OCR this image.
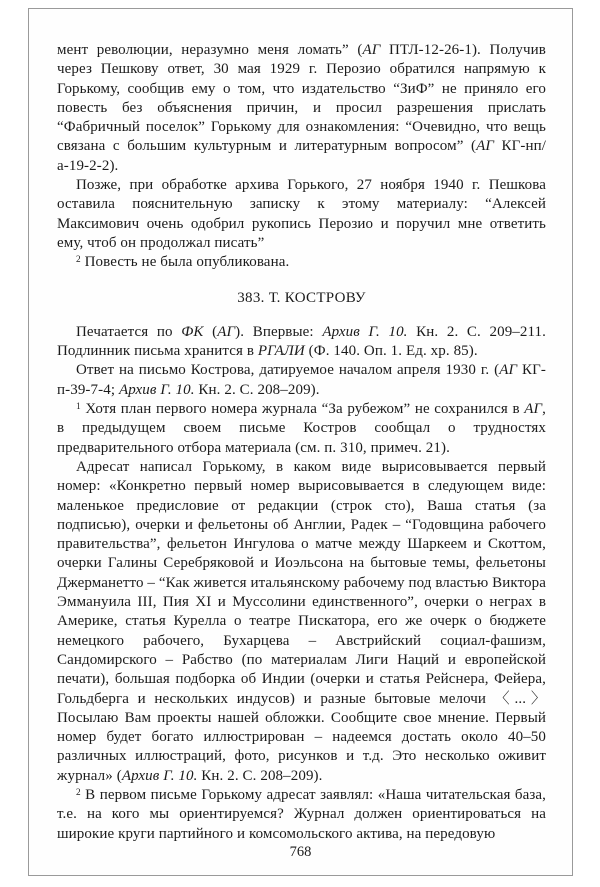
мент революции, неразумно меня ломать” (АГ ПТЛ-12-26-1). Получив через Пешкову ответ, 30 мая 1929 г. Перозио обратился напрямую к Горькому, сообщив ему о том, что издательство “ЗиФ” не приняло его повесть без объяснения причин, и просил разрешения прислать “Фабричный поселок” Горькому для ознакомления: “Очевидно, что вещь связана с большим культурным и литературным вопросом” (АГ КГ-нп/а-19-2-2).

Позже, при обработке архива Горького, 27 ноября 1940 г. Пешкова оставила пояснительную записку к этому материалу: “Алексей Максимович очень одобрил рукопись Перозио и поручил мне ответить ему, чтоб он продолжал писать”

$^2$ Повесть не была опубликована.

383. Т. КОСТРОВУ

Печатается по ФК (АГ). Впервые: Архив Г. 10. Кн. 2. С. 209–211. Подлинник письма хранится в РГАЛИ (Ф. 140. Оп. 1. Ед. хр. 85).

Ответ на письмо Кострова, датируемое началом апреля 1930 г. (АГ КГ-п-39-7-4; Архив Г. 10. Кн. 2. С. 208–209).

$^1$ Хотя план первого номера журнала “За рубежом” не сохранился в АГ, в предыдущем своем письме Костров сообщал о трудностях предварительного отбора материала (см. п. 310, примеч. 21).

Адресат написал Горькому, в каком виде вырисовывается первый номер: «Конкретно первый номер вырисовывается в следующем виде: маленькое предисловие от редакции (строк сто), Ваша статья (за подписью), очерки и фельетоны об Англии, Радек – “Годовщина рабочего правительства”, фельетон Ингулова о матче между Шаркеем и Скоттом, очерки Галины Серебряковой и Иоэльсона на бытовые темы, фельетоны Джерманетто – “Как живется итальянскому рабочему под властью Виктора Эммануила III, Пия XI и Муссолини единственного”, очерки о неграх в Америке, статья Курелла о театре Пискатора, его же очерк о бюджете немецкого рабочего, Бухарцева – Австрийский социал-фашизм, Сандомирского – Рабство (по материалам Лиги Наций и европейской печати), большая подборка об Индии (очерки и статья Рейснера, Фейера, Гольдберга и нескольких индусов) и разные бытовые мелочи 〈...〉 Посылаю Вам проекты нашей обложки. Сообщите свое мнение. Первый номер будет богато иллюстрирован – надеемся достать около 40–50 различных иллюстраций, фото, рисунков и т.д. Это несколько оживит журнал» (Архив Г. 10. Кн. 2. С. 208–209).

$^2$ В первом письме Горькому адресат заявлял: «Наша читательская база, т.е. на кого мы ориентируемся? Журнал должен ориентироваться на широкие круги партийного и комсомольского актива, на передовую

768
